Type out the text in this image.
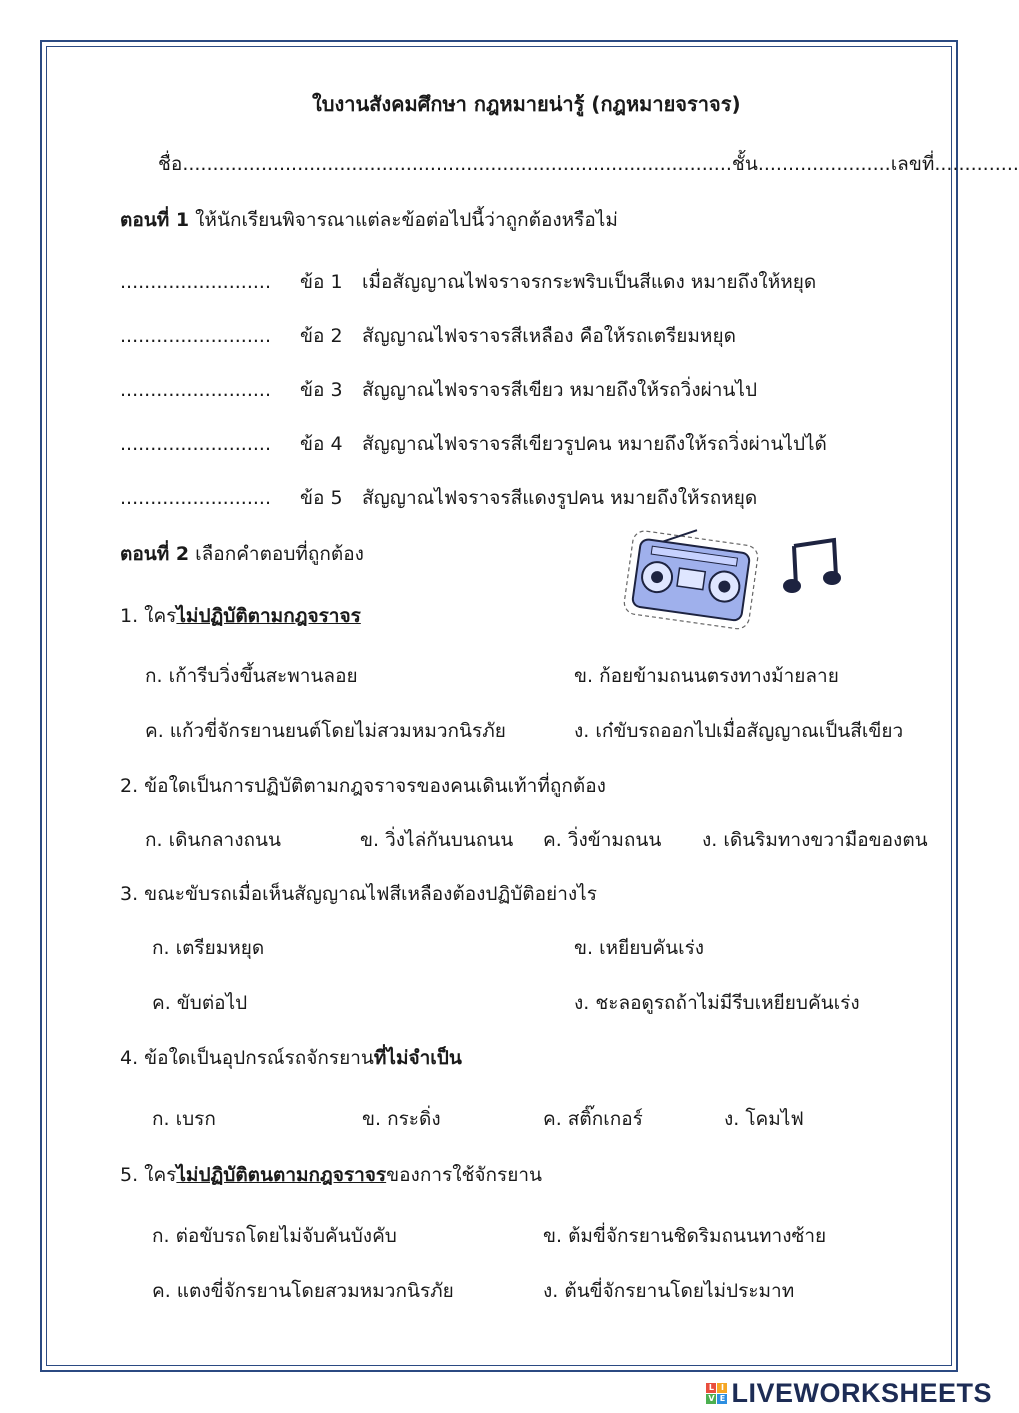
ใบงานสังคมศึกษา กฎหมายน่ารู้ (กฎหมายจราจร)
ชื่อ...........................................................................................ชั้น......................เลขที่..............
ตอนที่ 1 ให้นักเรียนพิจารณาแต่ละข้อต่อไปนี้ว่าถูกต้องหรือไม่
......................... ข้อ 1 เมื่อสัญญาณไฟจราจรกระพริบเป็นสีแดง หมายถึงให้หยุด
......................... ข้อ 2 สัญญาณไฟจราจรสีเหลือง คือให้รถเตรียมหยุด
......................... ข้อ 3 สัญญาณไฟจราจรสีเขียว หมายถึงให้รถวิ่งผ่านไป
......................... ข้อ 4 สัญญาณไฟจราจรสีเขียวรูปคน หมายถึงให้รถวิ่งผ่านไปได้
......................... ข้อ 5 สัญญาณไฟจราจรสีแดงรูปคน หมายถึงให้รถหยุด
ตอนที่ 2 เลือกคำตอบที่ถูกต้อง
1. ใครไม่ปฏิบัติตามกฎจราจร
ก. เก้ารีบวิ่งขึ้นสะพานลอย	ข. ก้อยข้ามถนนตรงทางม้ายลาย
ค. แก้วขี่จักรยานยนต์โดยไม่สวมหมวกนิรภัย	ง. เก๋ขับรถออกไปเมื่อสัญญาณเป็นสีเขียว
2. ข้อใดเป็นการปฏิบัติตามกฎจราจรของคนเดินเท้าที่ถูกต้อง
ก. เดินกลางถนน	ข. วิ่งไล่กันบนถนน ค. วิ่งข้ามถนน ง. เดินริมทางขวามือของตน
3. ขณะขับรถเมื่อเห็นสัญญาณไฟสีเหลืองต้องปฏิบัติอย่างไร
ก. เตรียมหยุด	ข. เหยียบคันเร่ง
ค. ขับต่อไป	ง. ชะลอดูรถถ้าไม่มีรีบเหยียบคันเร่ง
4. ข้อใดเป็นอุปกรณ์รถจักรยานที่ไม่จำเป็น
ก. เบรก	ข. กระดิ่ง	ค. สติ๊กเกอร์	ง. โคมไฟ
5. ใครไม่ปฏิบัติตนตามกฎจราจรของการใช้จักรยาน
ก. ต่อขับรถโดยไม่จับคันบังคับ	ข. ต้มขี่จักรยานชิดริมถนนทางซ้าย
ค. แตงขี่จักรยานโดยสวมหมวกนิรภัย	ง. ต้นขี่จักรยานโดยไม่ประมาท
L I
V E LIVEWORKSHEETS
